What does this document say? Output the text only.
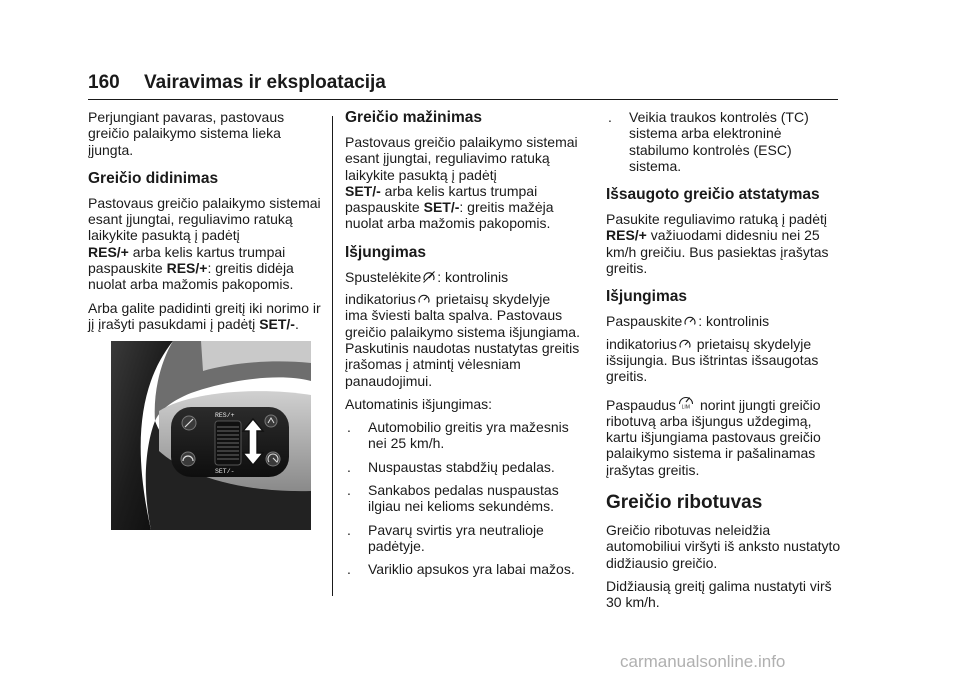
160 Vairavimas ir eksploatacija

Perjungiant pavaras, pastovaus greičio palaikymo sistema lieka įjungta.

Greičio didinimas

Pastovaus greičio palaikymo sistemai esant įjungtai, reguliavimo ratuką laikykite pasuktą į padėtį
RES/+ arba kelis kartus trumpai paspauskite RES/+: greitis didėja nuolat arba mažomis pakopomis.

Arba galite padidinti greitį iki norimo ir jį įrašyti pasukdami į padėtį SET/-.

RES/+
SET/-
Greičio mažinimas

Pastovaus greičio palaikymo sistemai esant įjungtai, reguliavimo ratuką laikykite pasuktą į padėtį
SET/- arba kelis kartus trumpai paspauskite SET/-: greitis mažėja nuolat arba mažomis pakopomis.

Išjungimas

Spustelėkite : kontrolinis

indikatorius prietaisų skydelyje
ima šviesti balta spalva. Pastovaus greičio palaikymo sistema išjungiama. Paskutinis naudotas nustatytas greitis įrašomas į atmintį vėlesniam panaudojimui.

Automatinis išjungimas:

. Automobilio greitis yra mažesnis nei 25 km/h.
. Nuspaustas stabdžių pedalas.
. Sankabos pedalas nuspaustas ilgiau nei kelioms sekundėms.
. Pavarų svirtis yra neutralioje padėtyje.
. Variklio apsukos yra labai mažos.
. Veikia traukos kontrolės (TC) sistema arba elektroninė stabilumo kontrolės (ESC) sistema.
Išsaugoto greičio atstatymas

Pasukite reguliavimo ratuką į padėtį
RES/+ važiuodami didesniu nei 25 km/h greičiu. Bus pasiektas įrašytas greitis.

Išjungimas

Paspauskite : kontrolinis

indikatorius prietaisų skydelyje
išsijungia. Bus ištrintas išsaugotas greitis.

Paspaudus LIM norint įjungti greičio
ribotuvą arba išjungus uždegimą, kartu išjungiama pastovaus greičio palaikymo sistema ir pašalinamas įrašytas greitis.

Greičio ribotuvas

Greičio ribotuvas neleidžia automobiliui viršyti iš anksto nustatyto didžiausio greičio.

Didžiausią greitį galima nustatyti virš 30 km/h.

carmanualsonline.info
